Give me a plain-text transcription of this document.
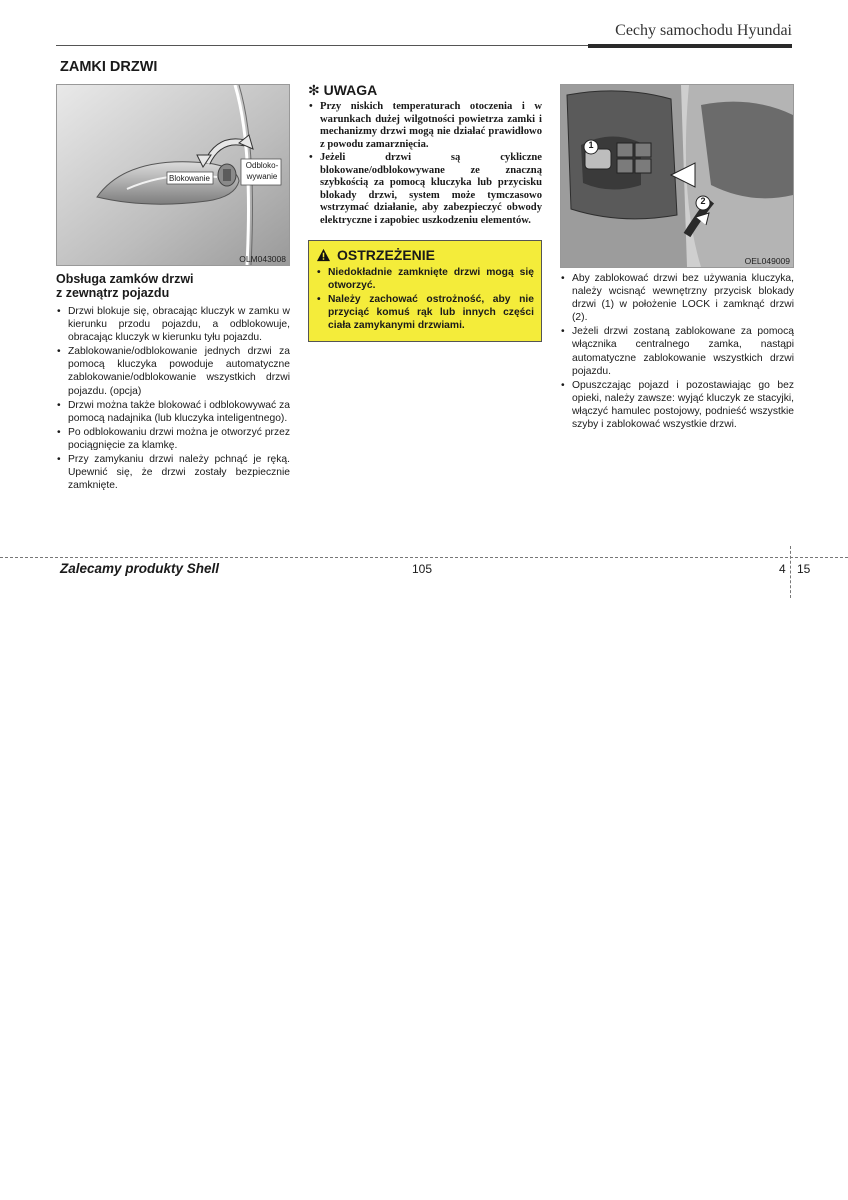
Cechy samochodu Hyundai
ZAMKI DRZWI
Blokowanie
Odbloko-
wywanie
OLM043008
Obsługa zamków drzwi
z zewnątrz pojazdu
• Drzwi blokuje się, obracając kluczyk w zamku w kierunku przodu pojazdu, a odblokowuje, obracając kluczyk w kierunku tyłu pojazdu.
• Zablokowanie/odblokowanie jednych drzwi za pomocą kluczyka powoduje automatyczne zablokowanie/odblokowanie wszystkich drzwi pojazdu. (opcja)
• Drzwi można także blokować i odblokowywać za pomocą nadajnika (lub kluczyka inteligentnego).
• Po odblokowaniu drzwi można je otworzyć przez pociągnięcie za klamkę.
• Przy zamykaniu drzwi należy pchnąć je ręką. Upewnić się, że drzwi zostały bezpiecznie zamknięte.
✻ UWAGA
• Przy niskich temperaturach otoczenia i w warunkach dużej wilgotności powietrza zamki i mechanizmy drzwi mogą nie działać prawidłowo z powodu zamarznięcia.
• Jeżeli drzwi są cykliczne blokowane/odblokowywane ze znaczną szybkością za pomocą kluczyka lub przycisku blokady drzwi, system może tymczasowo wstrzymać działanie, aby zabezpieczyć obwody elektryczne i zapobiec uszkodzeniu elementów.
OSTRZEŻENIE
• Niedokładnie zamknięte drzwi mogą się otworzyć.
• Należy zachować ostrożność, aby nie przyciąć komuś rąk lub innych części ciała zamykanymi drzwiami.
1
2
OEL049009
• Aby zablokować drzwi bez używania kluczyka, należy wcisnąć wewnętrzny przycisk blokady drzwi (1) w położenie LOCK i zamknąć drzwi (2).
• Jeżeli drzwi zostaną zablokowane za pomocą włącznika centralnego zamka, nastąpi automatyczne zablokowanie wszystkich drzwi pojazdu.
• Opuszczając pojazd i pozostawiając go bez opieki, należy zawsze: wyjąć kluczyk ze stacyjki, włączyć hamulec postojowy, podnieść wszystkie szyby i zablokować wszystkie drzwi.
Zalecamy produkty Shell	105	4 15
